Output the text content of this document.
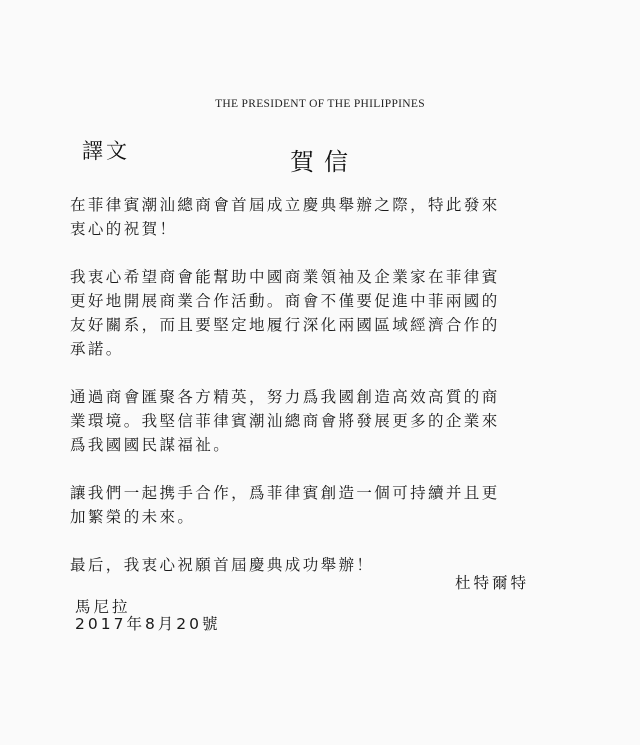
THE PRESIDENT OF THE PHILIPPINES
譯文	賀信

在菲律賓潮汕總商會首屆成立慶典舉辦之際，特此發來
衷心的祝賀！

我衷心希望商會能幫助中國商業領袖及企業家在菲律賓
更好地開展商業合作活動。商會不僅要促進中菲兩國的
友好關系，而且要堅定地履行深化兩國區域經濟合作的
承諾。

通過商會匯聚各方精英，努力爲我國創造高效高質的商
業環境。我堅信菲律賓潮汕總商會將發展更多的企業來
爲我國國民謀福祉。

讓我們一起携手合作，爲菲律賓創造一個可持續并且更
加繁榮的未來。

最后，我衷心祝願首屆慶典成功舉辦！

杜特爾特
馬尼拉
2017年8月20號
